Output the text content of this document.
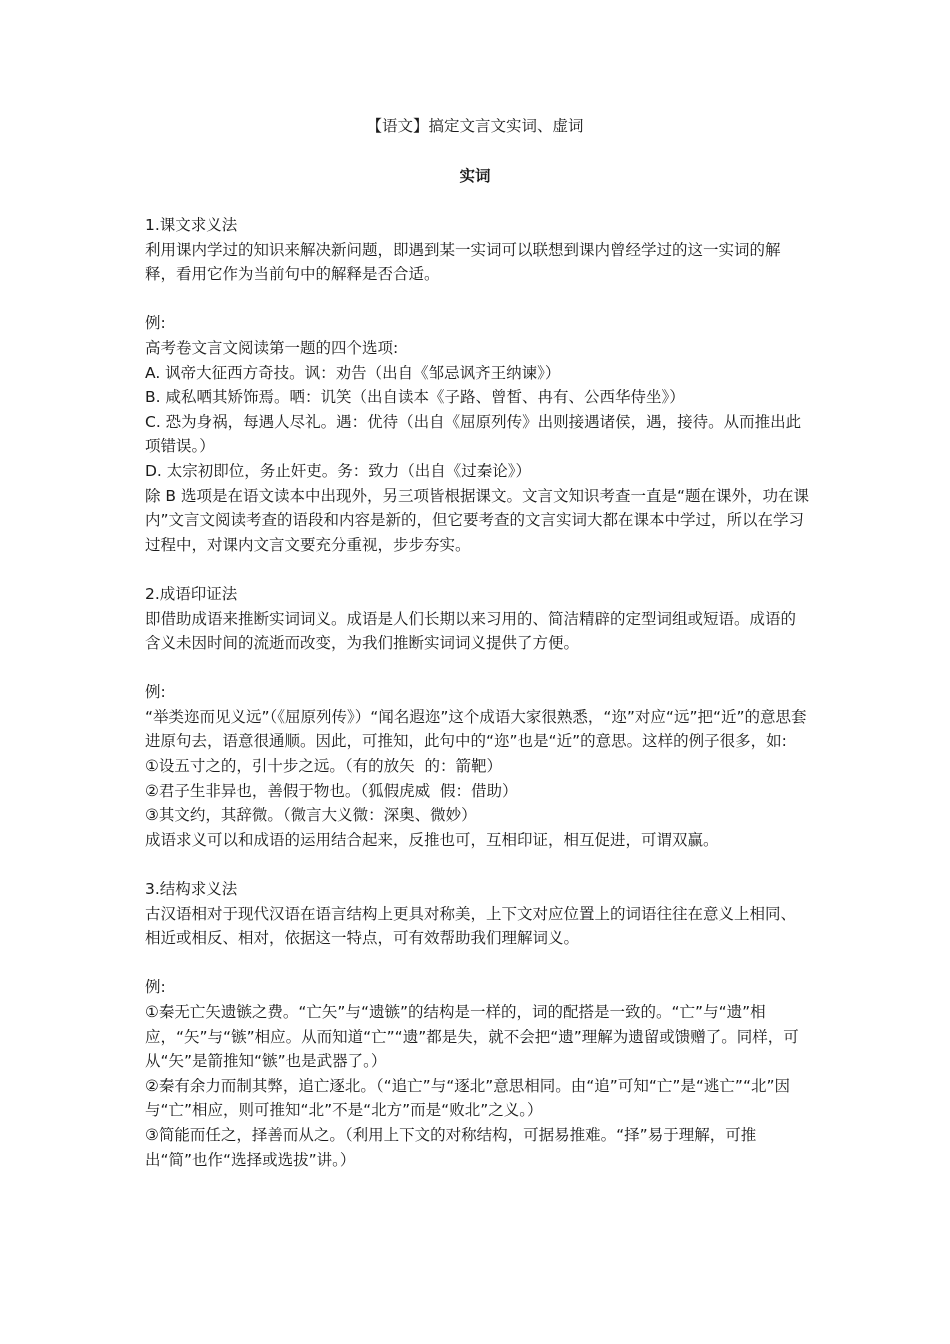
【语文】搞定文言文实词、虚词
实词

1.课文求义法

利用课内学过的知识来解决新问题，即遇到某一实词可以联想到课内曾经学过的这一实词的解释，看用它作为当前句中的解释是否合适。

例:

高考卷文言文阅读第一题的四个选项:

A. 讽帝大征西方奇技。讽：劝告（出自《邹忌讽齐王纳谏》）

B. 咸私哂其矫饰焉。哂：讥笑（出自读本《子路、曾皙、冉有、公西华侍坐》）

C. 恐为身祸，每遇人尽礼。遇：优待（出自《屈原列传》出则接遇诸侯，遇，接待。从而推出此项错误。）

D. 太宗初即位，务止奸吏。务：致力（出自《过秦论》）

除 B 选项是在语文读本中出现外，另三项皆根据课文。文言文知识考查一直是“题在课外，功在课内”文言文阅读考查的语段和内容是新的，但它要考查的文言实词大都在课本中学过，所以在学习过程中，对课内文言文要充分重视，步步夯实。

2.成语印证法

即借助成语来推断实词词义。成语是人们长期以来习用的、简洁精辟的定型词组或短语。成语的含义未因时间的流逝而改变，为我们推断实词词义提供了方便。

例:

“举类迩而见义远”（《屈原列传》）“闻名遐迩”这个成语大家很熟悉，“迩”对应“远”把“近”的意思套进原句去，语意很通顺。因此，可推知，此句中的“迩”也是“近”的意思。这样的例子很多，如:

①设五寸之的，引十步之远。（有的放矢  的：箭靶）

②君子生非异也，善假于物也。（狐假虎威  假：借助）

③其文约，其辞微。（微言大义微：深奥、微妙）

成语求义可以和成语的运用结合起来，反推也可，互相印证，相互促进，可谓双赢。

3.结构求义法

古汉语相对于现代汉语在语言结构上更具对称美，上下文对应位置上的词语往往在意义上相同、相近或相反、相对，依据这一特点，可有效帮助我们理解词义。

例:

①秦无亡矢遗镞之费。“亡矢”与“遗镞”的结构是一样的，词的配搭是一致的。“亡”与“遗”相应，“矢”与“镞”相应。从而知道“亡”“遗”都是失，就不会把“遗”理解为遗留或馈赠了。同样，可从“矢”是箭推知“镞”也是武器了。）

②秦有余力而制其弊，追亡逐北。（“追亡”与“逐北”意思相同。由“追”可知“亡”是“逃亡”“北”因与“亡”相应，则可推知“北”不是“北方”而是“败北”之义。）

③简能而任之，择善而从之。（利用上下文的对称结构，可据易推难。“择”易于理解，可推出“简”也作“选择或选拔”讲。）
